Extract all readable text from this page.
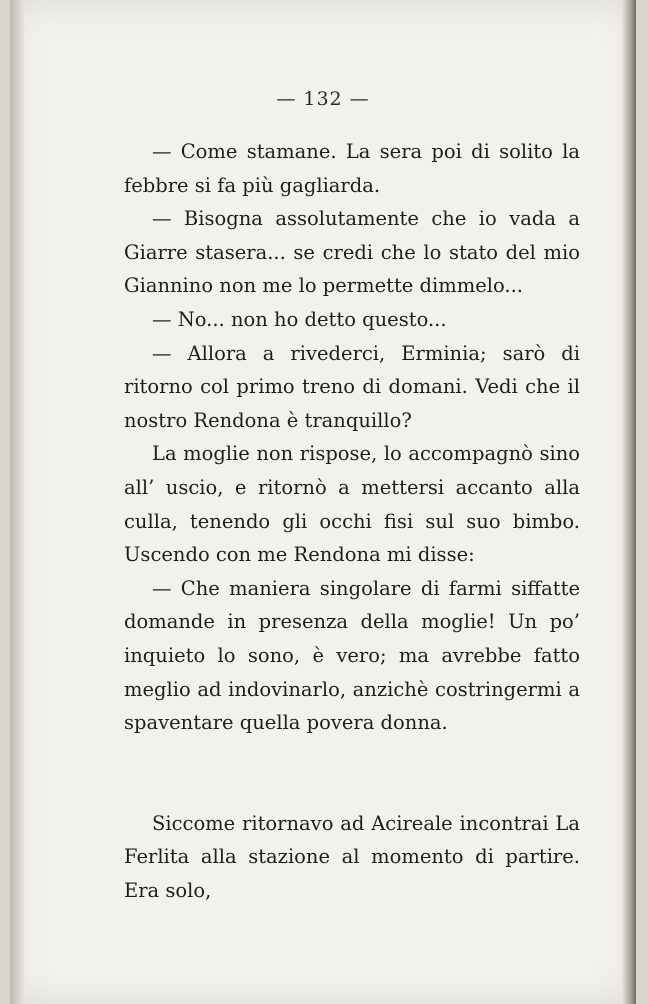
— 132 —

— Come stamane. La sera poi di solito la febbre si fa più gagliarda.

— Bisogna assolutamente che io vada a Giarre stasera... se credi che lo stato del mio Giannino non me lo permette dimmelo...

— No... non ho detto questo...

— Allora a rivederci, Erminia; sarò di ritorno col primo treno di domani. Vedi che il nostro Rendona è tranquillo?

La moglie non rispose, lo accompagnò sino all’ uscio, e ritornò a mettersi accanto alla culla, tenendo gli occhi fisi sul suo bimbo. Uscendo con me Rendona mi disse:

— Che maniera singolare di farmi siffatte domande in presenza della moglie! Un po’ inquieto lo sono, è vero; ma avrebbe fatto meglio ad indovinarlo, anzichè costringermi a spaventare quella povera donna.

Siccome ritornavo ad Acireale incontrai La Ferlita alla stazione al momento di partire. Era solo,
